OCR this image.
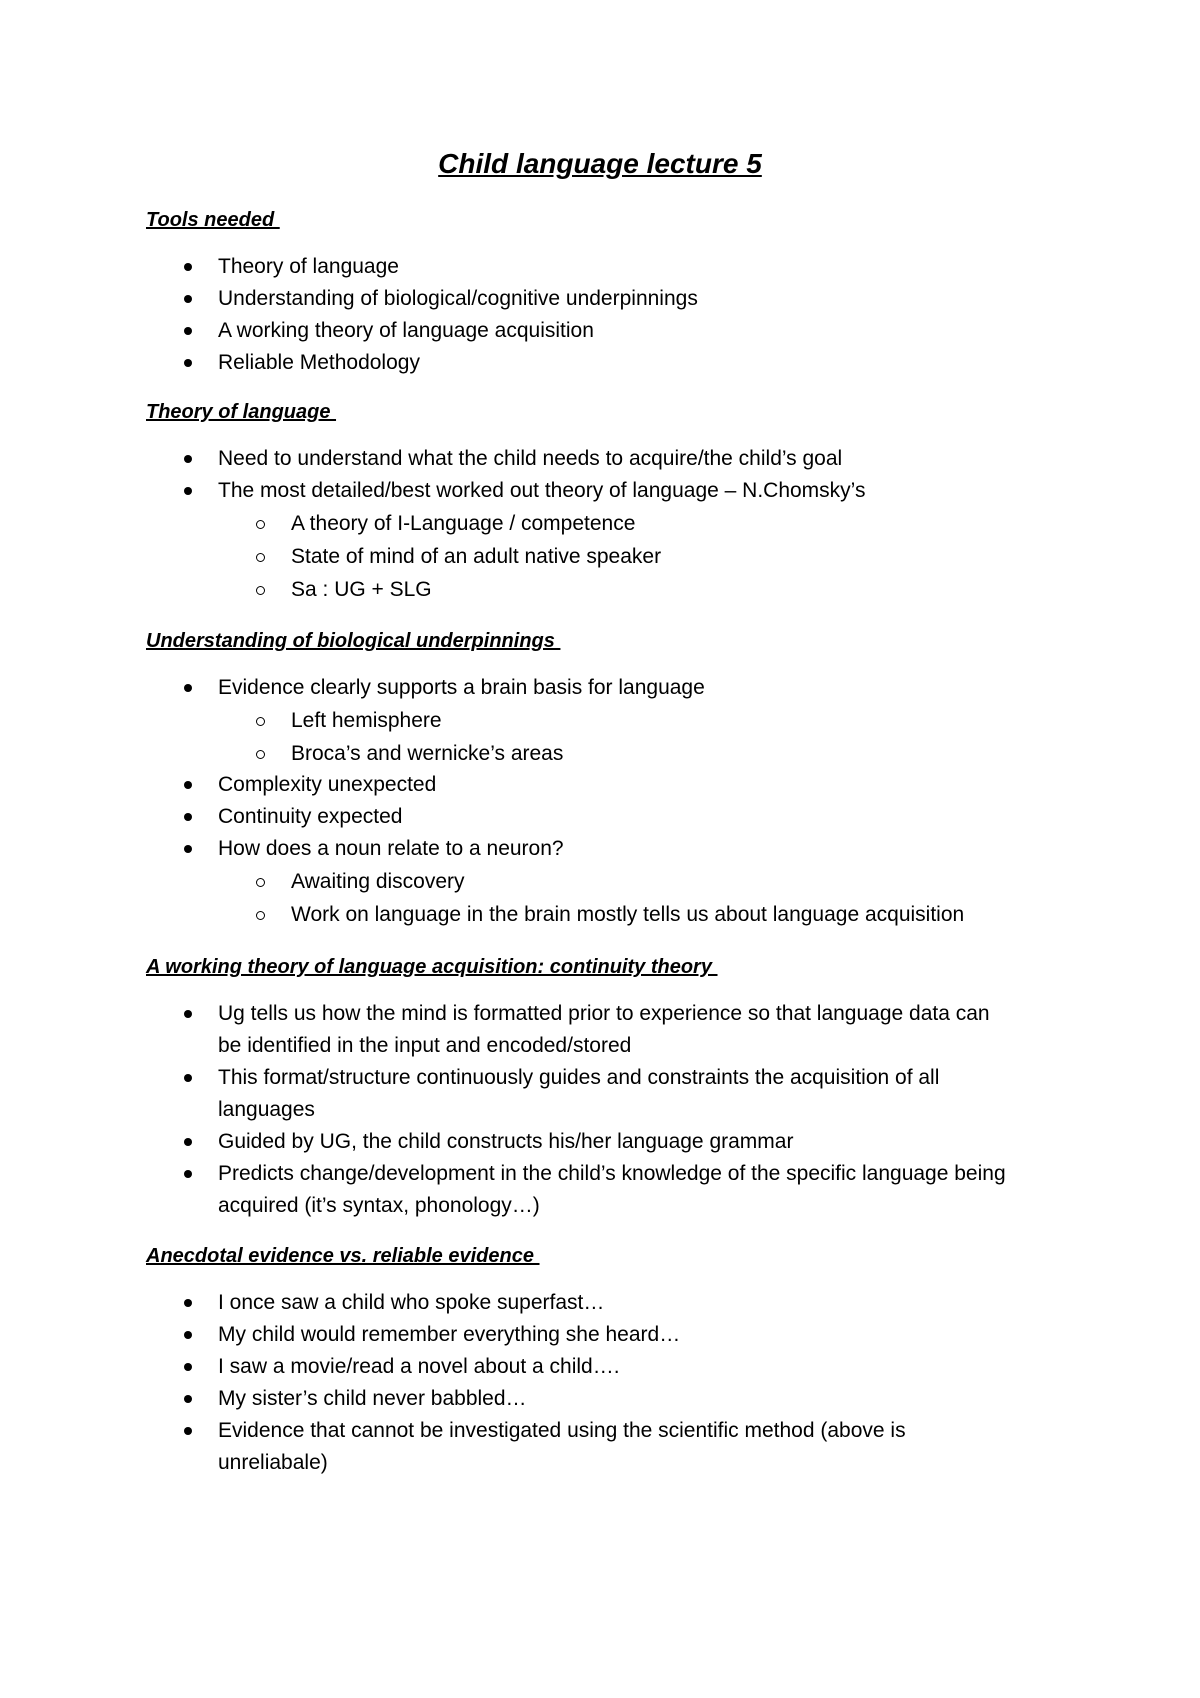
Child language lecture 5
Tools needed
Theory of language
Understanding of biological/cognitive underpinnings
A working theory of language acquisition
Reliable Methodology
Theory of language
Need to understand what the child needs to acquire/the child’s goal
The most detailed/best worked out theory of language – N.Chomsky’s
A theory of I-Language / competence
State of mind of an adult native speaker
Sa : UG + SLG
Understanding of biological underpinnings
Evidence clearly supports a brain basis for language
Left hemisphere
Broca’s and wernicke’s areas
Complexity unexpected
Continuity expected
How does a noun relate to a neuron?
Awaiting discovery
Work on language in the brain mostly tells us about language acquisition
A working theory of language acquisition: continuity theory
Ug tells us how the mind is formatted prior to experience so that language data can
be identified in the input and encoded/stored
This format/structure continuously guides and constraints the acquisition of all
languages
Guided by UG, the child constructs his/her language grammar
Predicts change/development in the child’s knowledge of the specific language being
acquired (it’s syntax, phonology…)
Anecdotal evidence vs. reliable evidence
I once saw a child who spoke superfast…
My child would remember everything she heard…
I saw a movie/read a novel about a child….
My sister’s child never babbled…
Evidence that cannot be investigated using the scientific method (above is
unreliabale)
